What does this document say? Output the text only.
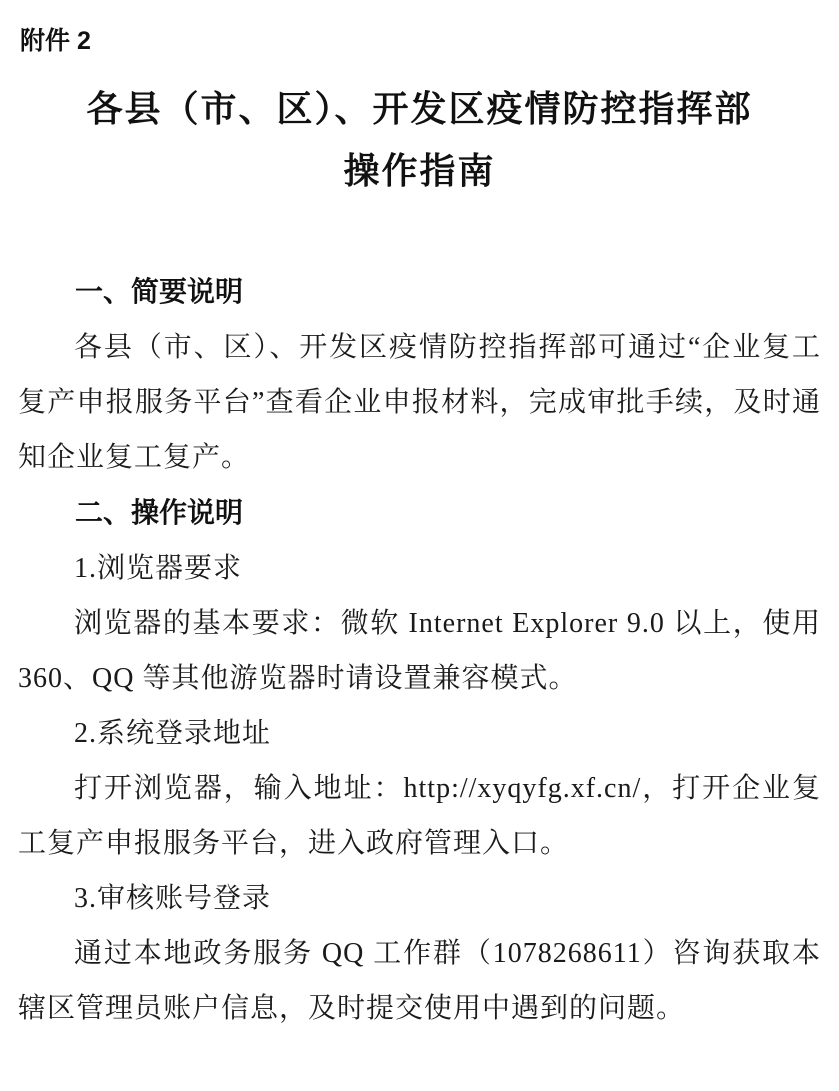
附件 2
各县（市、区）、开发区疫情防控指挥部
操作指南
一、简要说明

各县（市、区）、开发区疫情防控指挥部可通过“企业复工复产申报服务平台”查看企业申报材料，完成审批手续，及时通知企业复工复产。

二、操作说明

1.浏览器要求

浏览器的基本要求：微软 Internet Explorer 9.0 以上，使用 360、QQ 等其他游览器时请设置兼容模式。

2.系统登录地址

打开浏览器，输入地址：http://xyqyfg.xf.cn/，打开企业复工复产申报服务平台，进入政府管理入口。

3.审核账号登录

通过本地政务服务 QQ 工作群（1078268611）咨询获取本辖区管理员账户信息，及时提交使用中遇到的问题。
